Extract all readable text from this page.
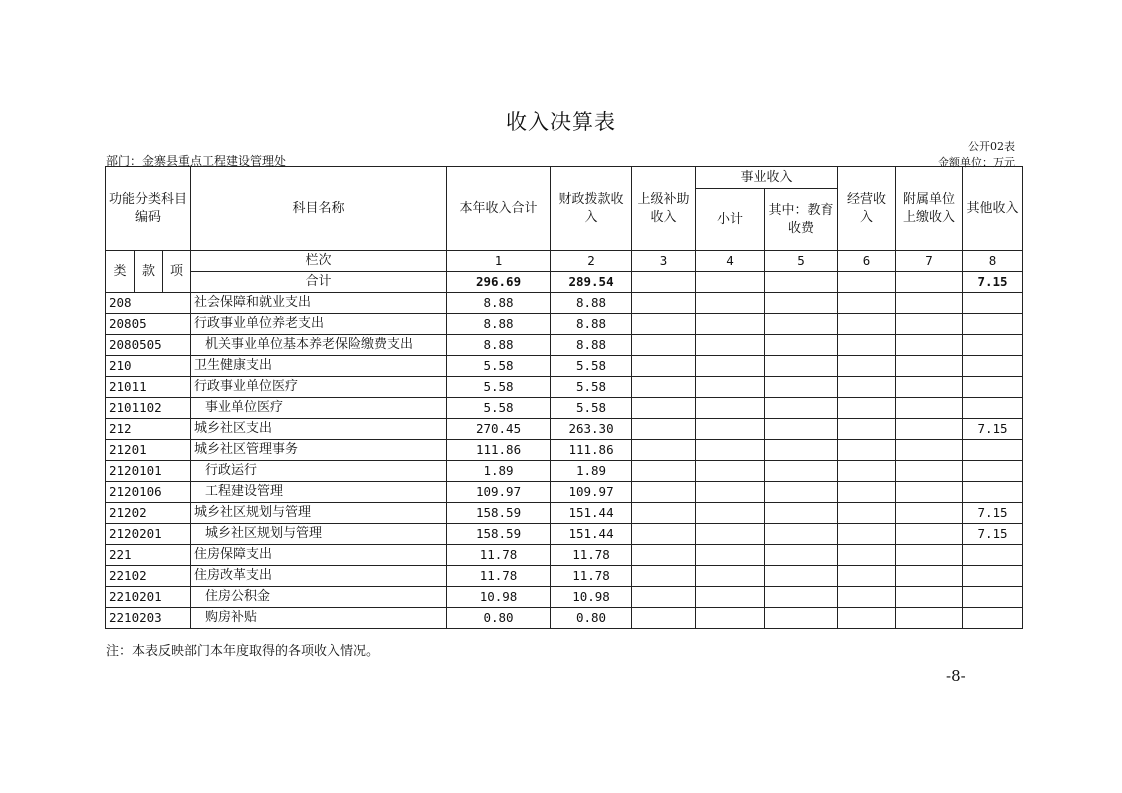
收入决算表
公开02表
部门：金寨县重点工程建设管理处	金额单位：万元
功能分类科目编码			科目名称	本年收入合计	财政拨款收入	上级补助收入	事业收入		经营收入	附属单位上缴收入	其他收入
							小计	其中：教育收费			
类	款	项	栏次	1	2	3	4	5	6	7	8
			合计	296.69	289.54						7.15
208			社会保障和就业支出	8.88	8.88						
20805			行政事业单位养老支出	8.88	8.88						
2080505			机关事业单位基本养老保险缴费支出	8.88	8.88						
210			卫生健康支出	5.58	5.58						
21011			行政事业单位医疗	5.58	5.58						
2101102			事业单位医疗	5.58	5.58						
212			城乡社区支出	270.45	263.30						7.15
21201			城乡社区管理事务	111.86	111.86						
2120101			行政运行	1.89	1.89						
2120106			工程建设管理	109.97	109.97						
21202			城乡社区规划与管理	158.59	151.44						7.15
2120201			城乡社区规划与管理	158.59	151.44						7.15
221			住房保障支出	11.78	11.78						
22102			住房改革支出	11.78	11.78						
2210201			住房公积金	10.98	10.98						
2210203			购房补贴	0.80	0.80						
注：本表反映部门本年度取得的各项收入情况。
-8-
